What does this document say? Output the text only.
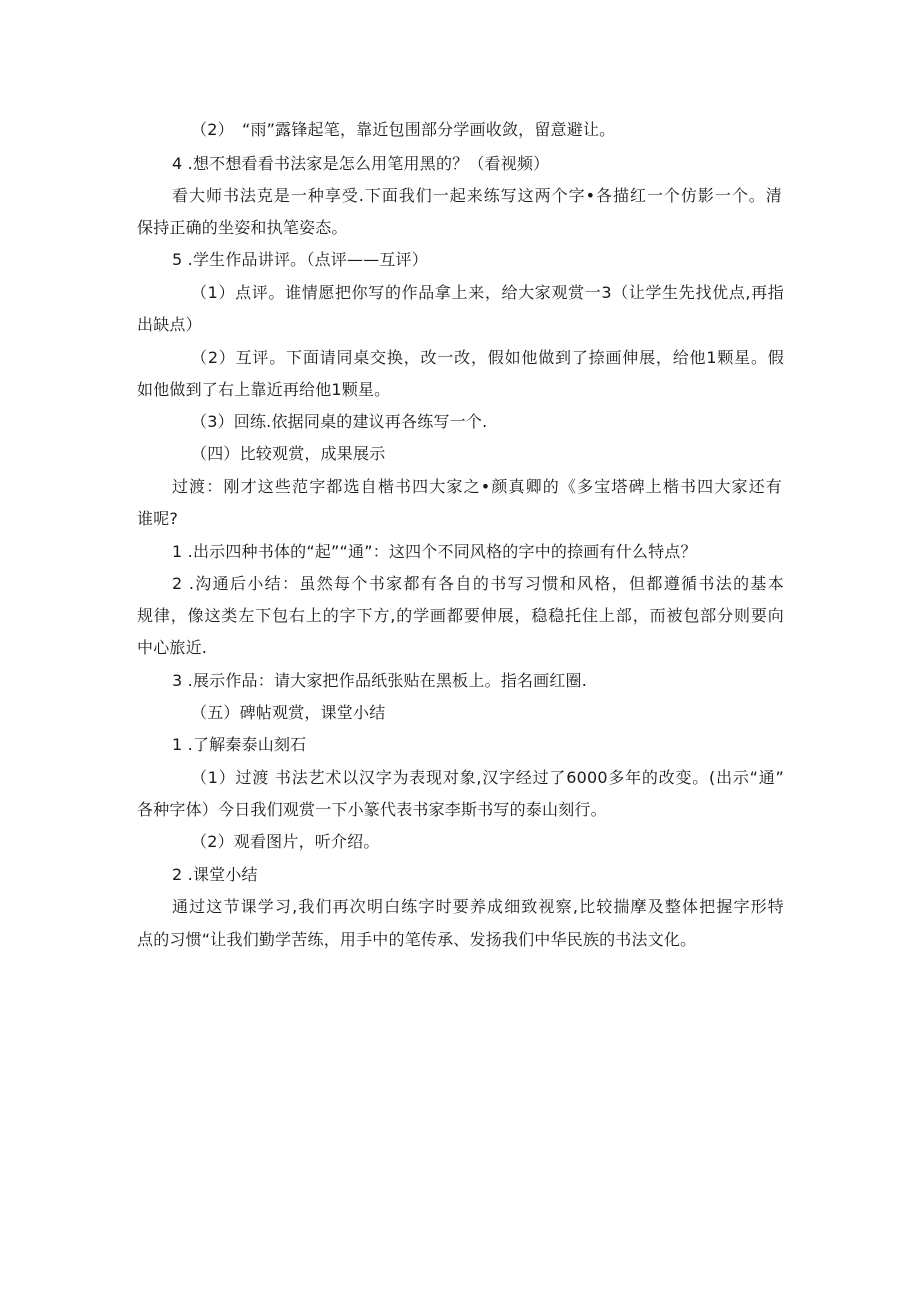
（2）　“雨”露锋起笔，靠近包围部分学画收敛，留意避让。

4 .想不想看看书法家是怎么用笔用黑的？（看视频）

看大师书法克是一种享受.下面我们一起来练写这两个字•各描红一个仿影一个。清

保持正确的坐姿和执笔姿态。

5 .学生作品讲评。（点评——互评）

（1）点评。谁情愿把你写的作品拿上来，给大家观赏一3（让学生先找优点,再指

出缺点）

（2）互评。下面请同桌交换，改一改，假如他做到了捺画伸展，给他1颗星。假

如他做到了右上靠近再给他1颗星。

（3）回练.依据同桌的建议再各练写一个.

（四）比较观赏，成果展示

过渡：刚才这些范字都选自楷书四大家之•颜真卿的《多宝塔碑上楷书四大家还有

谁呢?

1 .出示四种书体的“起”“通”：这四个不同风格的字中的捺画有什么特点？

2 .沟通后小结：虽然每个书家都有各自的书写习惯和风格，但都遵循书法的基本

规律，像这类左下包右上的字下方,的学画都要伸展，稳稳托住上部，而被包部分则要向

中心旅近.

3 .展示作品：请大家把作品纸张贴在黑板上。指名画红圈.

（五）碑帖观赏，课堂小结

1 .了解秦泰山刻石

（1）过渡 书法艺术以汉字为表现对象,汉字经过了6000多年的改变。(出示“通”

各种字体）今日我们观赏一下小篆代表书家李斯书写的泰山刻行。

（2）观看图片，听介绍。

2 .课堂小结

通过这节课学习,我们再次明白练字时要养成细致视察,比较揣摩及整体把握字形特

点的习惯“让我们勤学苦练，用手中的笔传承、发扬我们中华民族的书法文化。
